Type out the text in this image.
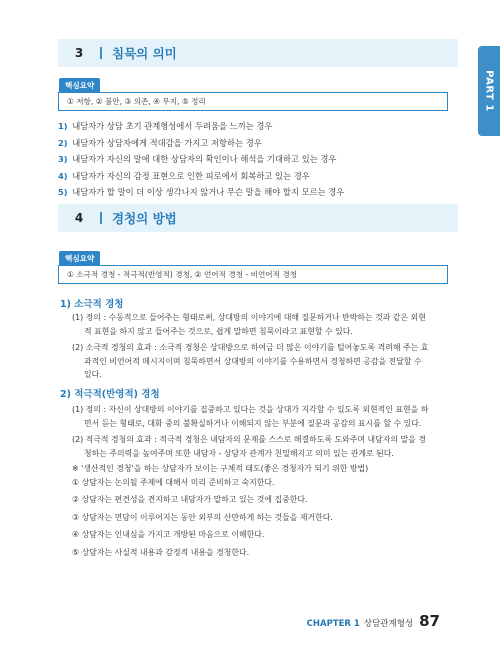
PART 1
3	침묵의 의미
핵심요약
① 저항, ② 불안, ③ 의존, ④ 무지, ⑤ 정리
1) 내담자가 상담 초기 관계형성에서 두려움을 느끼는 경우
2) 내담자가 상담자에게 적대감을 가지고 저항하는 경우
3) 내담자가 자신의 말에 대한 상담자의 확인이나 해석을 기대하고 있는 경우
4) 내담자가 자신의 감정 표현으로 인한 피로에서 회복하고 있는 경우
5) 내담자가 할 말이 더 이상 생각나지 않거나 무슨 말을 해야 할지 모르는 경우
4	경청의 방법
핵심요약
① 소극적 경청 - 적극적(반영적) 경청, ② 언어적 경청 - 비언어적 경청
1) 소극적 경청
(1) 정의 : 수동적으로 들어주는 형태로써, 상대방의 이야기에 대해 질문하거나 반박하는 것과 같은 외현
적 표현을 하지 않고 들어주는 것으로, 쉽게 말하면 침묵이라고 표현할 수 있다.
(2) 소극적 경청의 효과 : 소극적 경청은 상대방으로 하여금 더 많은 이야기를 털어놓도록 격려해 주는 효
과적인 비언어적 메시지이며 침묵하면서 상대방의 이야기를 수용하면서 경청하면 공감을 전달할 수
있다.
2) 적극적(반영적) 경청
(1) 정의 : 자신이 상대방의 이야기를 집중하고 있다는 것을 상대가 지각할 수 있도록 외현적인 표현을 하
면서 듣는 형태로, 대화 중의 불확실하거나 이해되지 않는 부분에 질문과 공감의 표시를 할 수 있다.
(2) 적극적 경청의 효과 : 적극적 경청은 내담자의 문제를 스스로 해결하도록 도와주며 내담자의 말을 경
청하는 주의력을 높여주며 또한 내담자 - 상담자 관계가 친밀해지고 의미 있는 관계로 된다.
※ '생산적인 경청'을 하는 상담자가 보이는 구체적 태도(좋은 경청자가 되기 위한 방법)
① 상담자는 논의될 주제에 대해서 미리 준비하고 숙지한다.
② 상담자는 편견성을 견지하고 내담자가 말하고 있는 것에 집중한다.
③ 상담자는 면담이 이루어지는 동안 외부의 산만하게 하는 것들을 제거한다.
④ 상담자는 인내심을 가지고 개방된 마음으로 이해한다.
⑤ 상담자는 사실적 내용과 감정적 내용을 경청한다.
CHAPTER 1 상담관계형성 87
